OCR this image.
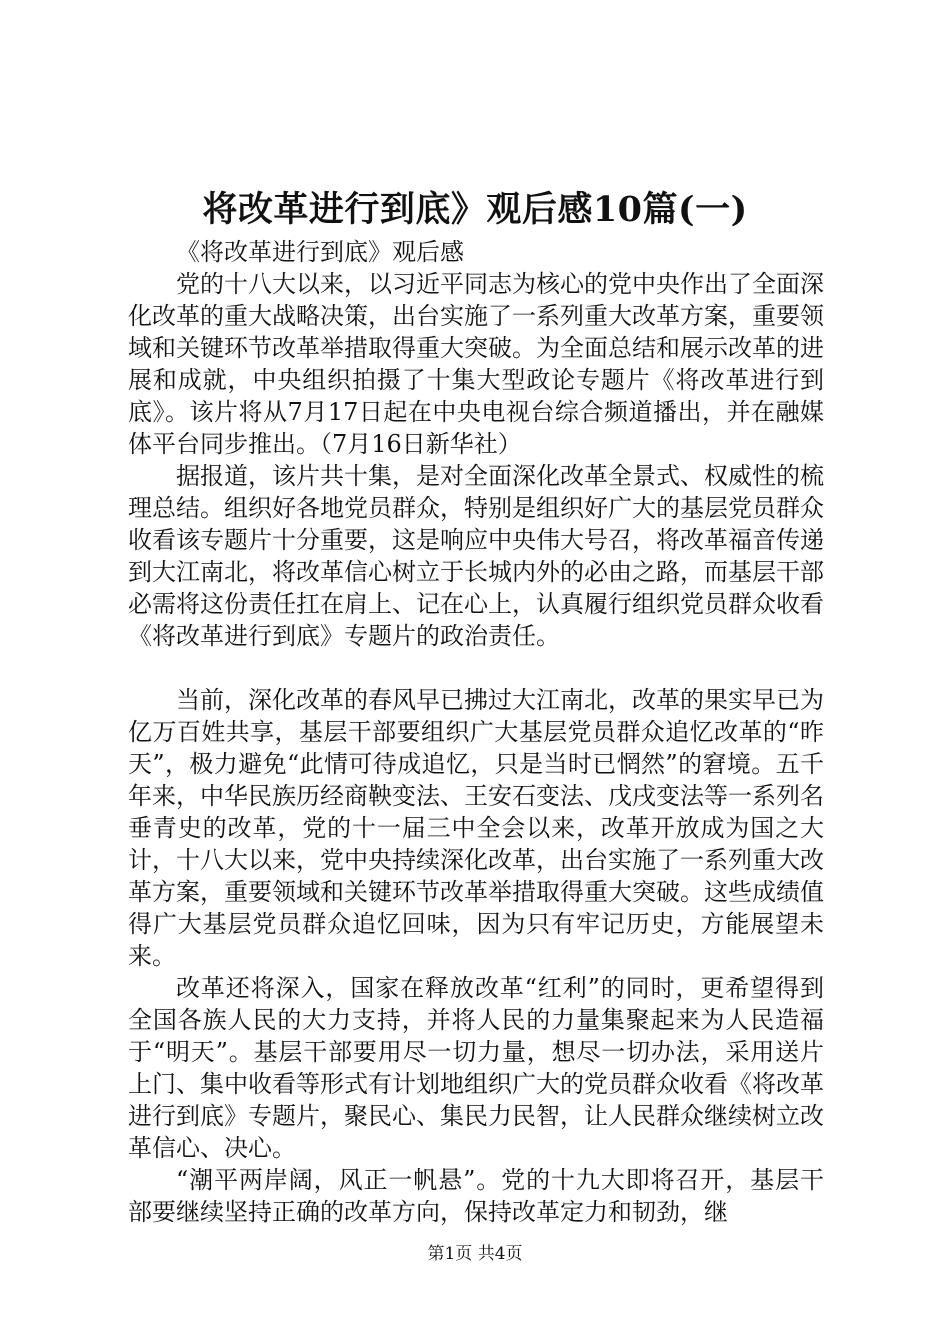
将改革进行到底》观后感10篇(一)

《将改革进行到底》观后感

党的十八大以来，以习近平同志为核心的党中央作出了全面深化改革的重大战略决策，出台实施了一系列重大改革方案，重要领域和关键环节改革举措取得重大突破。为全面总结和展示改革的进展和成就，中央组织拍摄了十集大型政论专题片《将改革进行到底》。该片将从7月17日起在中央电视台综合频道播出，并在融媒体平台同步推出。（7月16日新华社）

据报道，该片共十集，是对全面深化改革全景式、权威性的梳理总结。组织好各地党员群众，特别是组织好广大的基层党员群众收看该专题片十分重要，这是响应中央伟大号召，将改革福音传递到大江南北，将改革信心树立于长城内外的必由之路，而基层干部必需将这份责任扛在肩上、记在心上，认真履行组织党员群众收看《将改革进行到底》专题片的政治责任。

当前，深化改革的春风早已拂过大江南北，改革的果实早已为亿万百姓共享，基层干部要组织广大基层党员群众追忆改革的“昨天”，极力避免“此情可待成追忆，只是当时已惘然”的窘境。五千年来，中华民族历经商鞅变法、王安石变法、戊戌变法等一系列名垂青史的改革，党的十一届三中全会以来，改革开放成为国之大计，十八大以来，党中央持续深化改革，出台实施了一系列重大改革方案，重要领域和关键环节改革举措取得重大突破。这些成绩值得广大基层党员群众追忆回味，因为只有牢记历史，方能展望未来。

改革还将深入，国家在释放改革“红利”的同时，更希望得到全国各族人民的大力支持，并将人民的力量集聚起来为人民造福于“明天”。基层干部要用尽一切力量，想尽一切办法，采用送片上门、集中收看等形式有计划地组织广大的党员群众收看《将改革进行到底》专题片，聚民心、集民力民智，让人民群众继续树立改革信心、决心。

“潮平两岸阔，风正一帆悬”。党的十九大即将召开，基层干部要继续坚持正确的改革方向，保持改革定力和韧劲，继

第1页 共4页
